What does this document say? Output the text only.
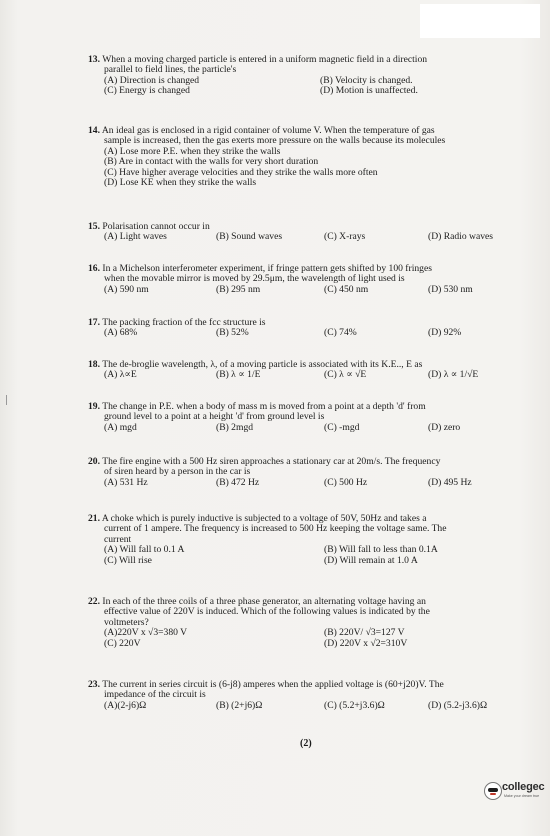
13. When a moving charged particle is entered in a uniform magnetic field in a direction
parallel to field lines, the particle's
(A) Direction is changed	(B) Velocity is changed.
(C) Energy is changed	(D) Motion is unaffected.
14. An ideal gas is enclosed in a rigid container of volume V. When the temperature of gas
sample is increased, then the gas exerts more pressure on the walls because its molecules
(A) Lose more P.E. when they strike the walls
(B) Are in contact with the walls for very short duration
(C) Have higher average velocities and they strike the walls more often
(D) Lose KE when they strike the walls
15. Polarisation cannot occur in
(A) Light waves	(B) Sound waves	(C) X-rays	(D) Radio waves
16. In a Michelson interferometer experiment, if fringe pattern gets shifted by 100 fringes
when the movable mirror is moved by 29.5μm, the wavelength of light used is
(A) 590 nm	(B) 295 nm	(C) 450 nm	(D) 530 nm
17. The packing fraction of the fcc structure is
(A) 68%	(B) 52%	(C) 74%	(D) 92%
18. The de-broglie wavelength, λ, of a moving particle is associated with its K.E.., E as
(A) λ∝E	(B) λ ∝ 1/E	(C) λ ∝ √E	(D) λ ∝ 1/√E
19. The change in P.E. when a body of mass m is moved from a point at a depth 'd' from
ground level to a point at a height 'd' from ground level is
(A) mgd	(B) 2mgd	(C) -mgd	(D) zero
20. The fire engine with a 500 Hz siren approaches a stationary car at 20m/s. The frequency
of siren heard by a person in the car is
(A) 531 Hz	(B) 472 Hz	(C) 500 Hz	(D) 495 Hz
21. A choke which is purely inductive is subjected to a voltage of 50V, 50Hz and takes a
current of 1 ampere. The frequency is increased to 500 Hz keeping the voltage same. The
current
(A) Will fall to 0.1 A	(B) Will fall to less than 0.1A
(C) Will rise	(D) Will remain at 1.0 A
22. In each of the three coils of a three phase generator, an alternating voltage having an
effective value of 220V is induced. Which of the following values is indicated by the
voltmeters?
(A)220V x √3=380 V	(B) 220V/ √3=127 V
(C) 220V	(D) 220V x √2=310V
23. The current in series circuit is (6-j8) amperes when the applied voltage is (60+j20)V. The
impedance of the circuit is
(A)(2-j6)Ω	(B) (2+j6)Ω	(C) (5.2+j3.6)Ω	(D) (5.2-j3.6)Ω
(2)
collegec
Make your dream true
